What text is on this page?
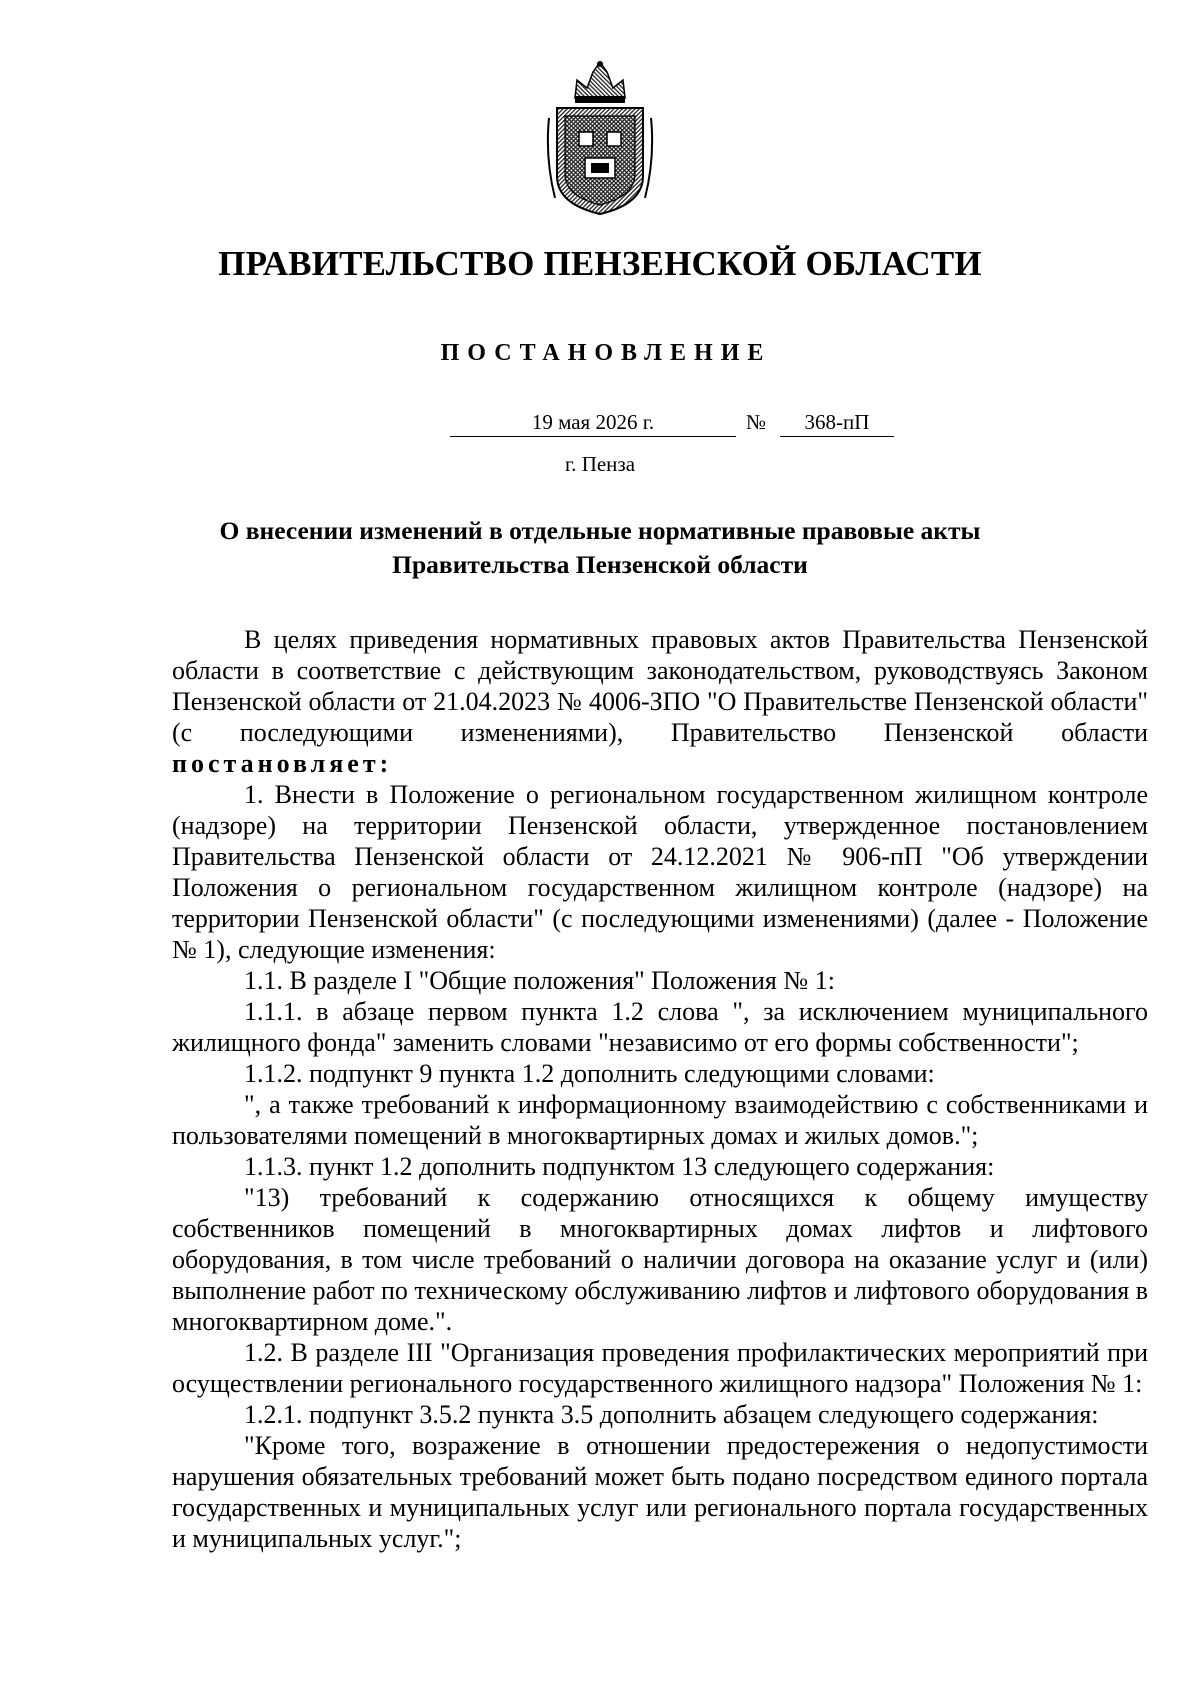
ПРАВИТЕЛЬСТВО ПЕНЗЕНСКОЙ ОБЛАСТИ
ПОСТАНОВЛЕНИЕ
19 мая 2026 г.	№	368-пП
г. Пенза
О внесении изменений в отдельные нормативные правовые акты
Правительства Пензенской области

В целях приведения нормативных правовых актов Правительства Пензенской области в соответствие с действующим законодательством, руководствуясь Законом Пензенской области от 21.04.2023 № 4006-ЗПО "О Правительстве Пензенской области" (с последующими изменениями), Правительство Пензенской области постановляет:

1. Внести в Положение о региональном государственном жилищном контроле (надзоре) на территории Пензенской области, утвержденное постановлением Правительства Пензенской области от 24.12.2021 № 906-пП "Об утверждении Положения о региональном государственном жилищном контроле (надзоре) на территории Пензенской области" (с последующими изменениями) (далее - Положение № 1), следующие изменения:

1.1. В разделе I "Общие положения" Положения № 1:

1.1.1. в абзаце первом пункта 1.2 слова ", за исключением муниципального жилищного фонда" заменить словами "независимо от его формы собственности";

1.1.2. подпункт 9 пункта 1.2 дополнить следующими словами:

", а также требований к информационному взаимодействию с собственниками и пользователями помещений в многоквартирных домах и жилых домов.";

1.1.3. пункт 1.2 дополнить подпунктом 13 следующего содержания:

"13) требований к содержанию относящихся к общему имуществу собственников помещений в многоквартирных домах лифтов и лифтового оборудования, в том числе требований о наличии договора на оказание услуг и (или) выполнение работ по техническому обслуживанию лифтов и лифтового оборудования в многоквартирном доме.".

1.2. В разделе III "Организация проведения профилактических мероприятий при осуществлении регионального государственного жилищного надзора" Положения № 1:

1.2.1. подпункт 3.5.2 пункта 3.5 дополнить абзацем следующего содержания:

"Кроме того, возражение в отношении предостережения о недопустимости нарушения обязательных требований может быть подано посредством единого портала государственных и муниципальных услуг или регионального портала государственных и муниципальных услуг.";
